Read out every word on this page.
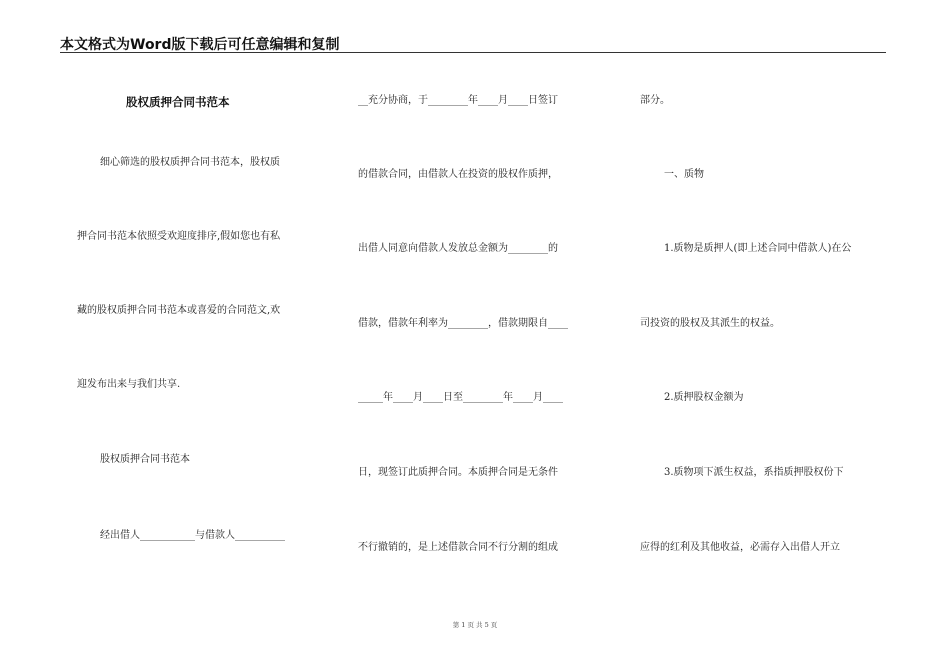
本文格式为Word版下载后可任意编辑和复制
股权质押合同书范本
细心筛选的股权质押合同书范本，股权质
押合同书范本依照受欢迎度排序,假如您也有私
藏的股权质押合同书范本或喜爱的合同范文,欢
迎发布出来与我们共享.
股权质押合同书范本
经出借人___________与借款人__________
__充分协商，于________年____月____日签订
的借款合同，由借款人在投资的股权作质押，
出借人同意向借款人发放总金额为________的
借款，借款年利率为________，借款期限自____
_____年____月____日至________年____月____
日，现签订此质押合同。本质押合同是无条件
不行撤销的，是上述借款合同不行分割的组成
部分。
一、质物
1.质物是质押人(即上述合同中借款人)在公
司投资的股权及其派生的权益。
2.质押股权金额为
3.质物项下派生权益，系指质押股权份下
应得的红利及其他收益，必需存入出借人开立
第 1 页 共 5 页
